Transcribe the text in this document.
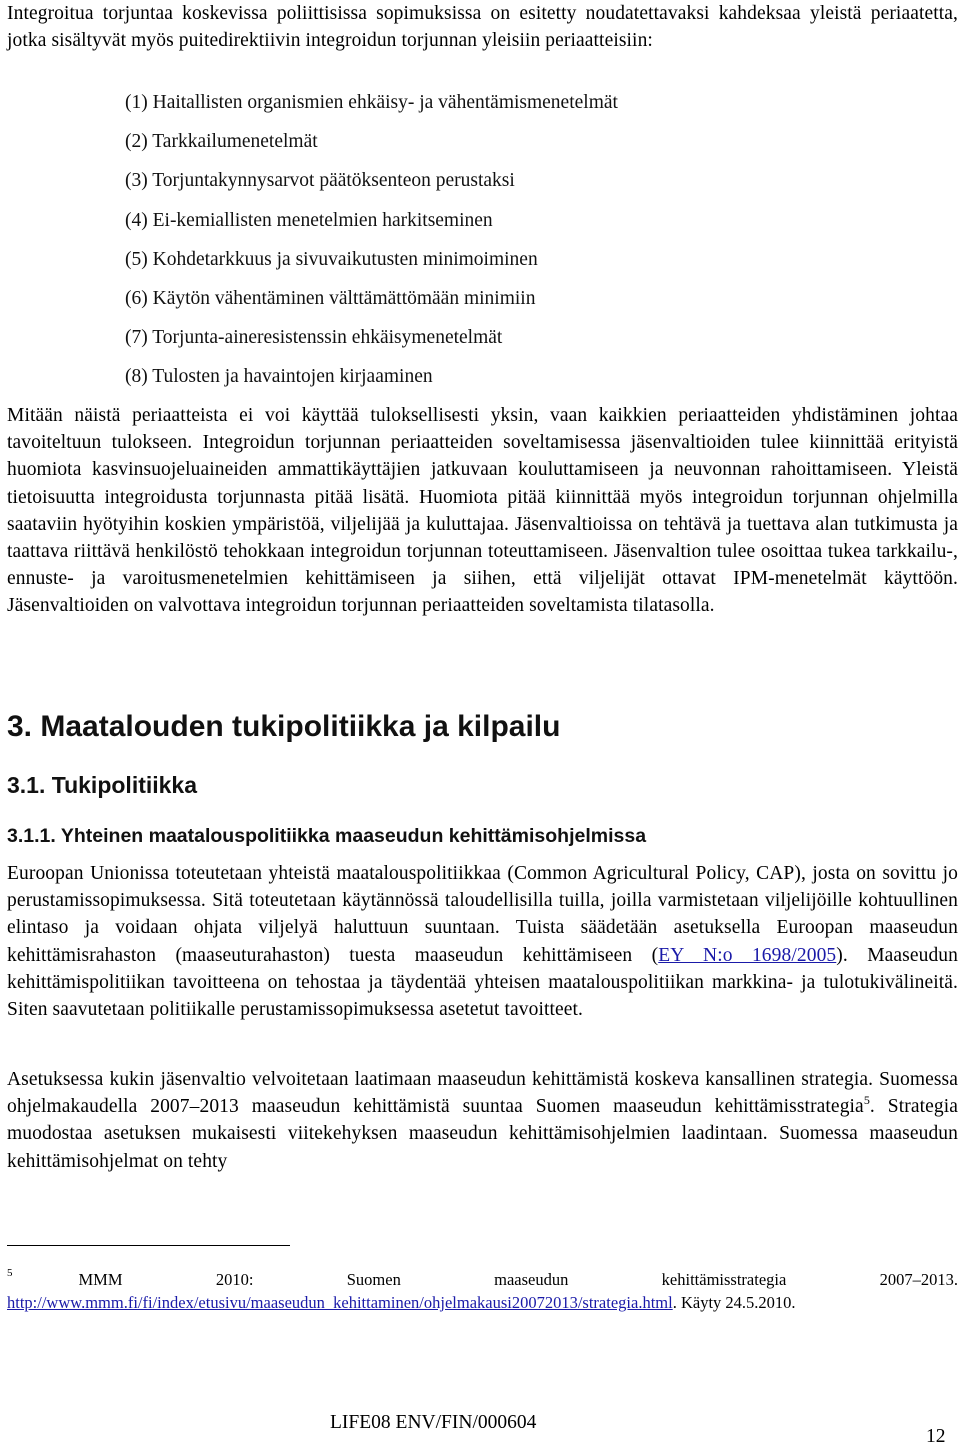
Integroitua torjuntaa koskevissa poliittisissa sopimuksissa on esitetty noudatettavaksi kahdeksaa yleistä periaatetta, jotka sisältyvät myös puitedirektiivin integroidun torjunnan yleisiin periaatteisiin:

(1) Haitallisten organismien ehkäisy- ja vähentämismenetelmät
(2) Tarkkailumenetelmät
(3) Torjuntakynnysarvot päätöksenteon perustaksi
(4) Ei-kemiallisten menetelmien harkitseminen
(5) Kohdetarkkuus ja sivuvaikutusten minimoiminen
(6) Käytön vähentäminen välttämättömään minimiin
(7) Torjunta-aineresistenssin ehkäisymenetelmät
(8) Tulosten ja havaintojen kirjaaminen

Mitään näistä periaatteista ei voi käyttää tuloksellisesti yksin, vaan kaikkien periaatteiden yhdistäminen johtaa tavoiteltuun tulokseen. Integroidun torjunnan periaatteiden soveltamisessa jäsenvaltioiden tulee kiinnittää erityistä huomiota kasvinsuojeluaineiden ammattikäyttäjien jatkuvaan kouluttamiseen ja neuvonnan rahoittamiseen. Yleistä tietoisuutta integroidusta torjunnasta pitää lisätä. Huomiota pitää kiinnittää myös integroidun torjunnan ohjelmilla saataviin hyötyihin koskien ympäristöä, viljelijää ja kuluttajaa. Jäsenvaltioissa on tehtävä ja tuettava alan tutkimusta ja taattava riittävä henkilöstö tehokkaan integroidun torjunnan toteuttamiseen. Jäsenvaltion tulee osoittaa tukea tarkkailu-, ennuste- ja varoitusmenetelmien kehittämiseen ja siihen, että viljelijät ottavat IPM-menetelmät käyttöön. Jäsenvaltioiden on valvottava integroidun torjunnan periaatteiden soveltamista tilatasolla.

3. Maatalouden tukipolitiikka ja kilpailu
3.1. Tukipolitiikka
3.1.1. Yhteinen maatalouspolitiikka maaseudun kehittämisohjelmissa

Euroopan Unionissa toteutetaan yhteistä maatalouspolitiikkaa (Common Agricultural Policy, CAP), josta on sovittu jo perustamissopimuksessa. Sitä toteutetaan käytännössä taloudellisilla tuilla, joilla varmistetaan viljelijöille kohtuullinen elintaso ja voidaan ohjata viljelyä haluttuun suuntaan. Tuista säädetään asetuksella Euroopan maaseudun kehittämisrahaston (maaseuturahaston) tuesta maaseudun kehittämiseen (EY N:o 1698/2005). Maaseudun kehittämispolitiikan tavoitteena on tehostaa ja täydentää yhteisen maatalouspolitiikan markkina- ja tulotukivälineitä. Siten saavutetaan politiikalle perustamissopimuksessa asetetut tavoitteet.

Asetuksessa kukin jäsenvaltio velvoitetaan laatimaan maaseudun kehittämistä koskeva kansallinen strategia. Suomessa ohjelmakaudella 2007–2013 maaseudun kehittämistä suuntaa Suomen maaseudun kehittämisstrategia$^5$. Strategia muodostaa asetuksen mukaisesti viitekehyksen maaseudun kehittämisohjelmien laadintaan. Suomessa maaseudun kehittämisohjelmat on tehty

$^5$	MMM 2010: Suomen maaseudun kehittämisstrategia 2007–2013. http://www.mmm.fi/fi/index/etusivu/maaseudun_kehittaminen/ohjelmakausi20072013/strategia.html. Käyty 24.5.2010.

LIFE08 ENV/FIN/000604
12
